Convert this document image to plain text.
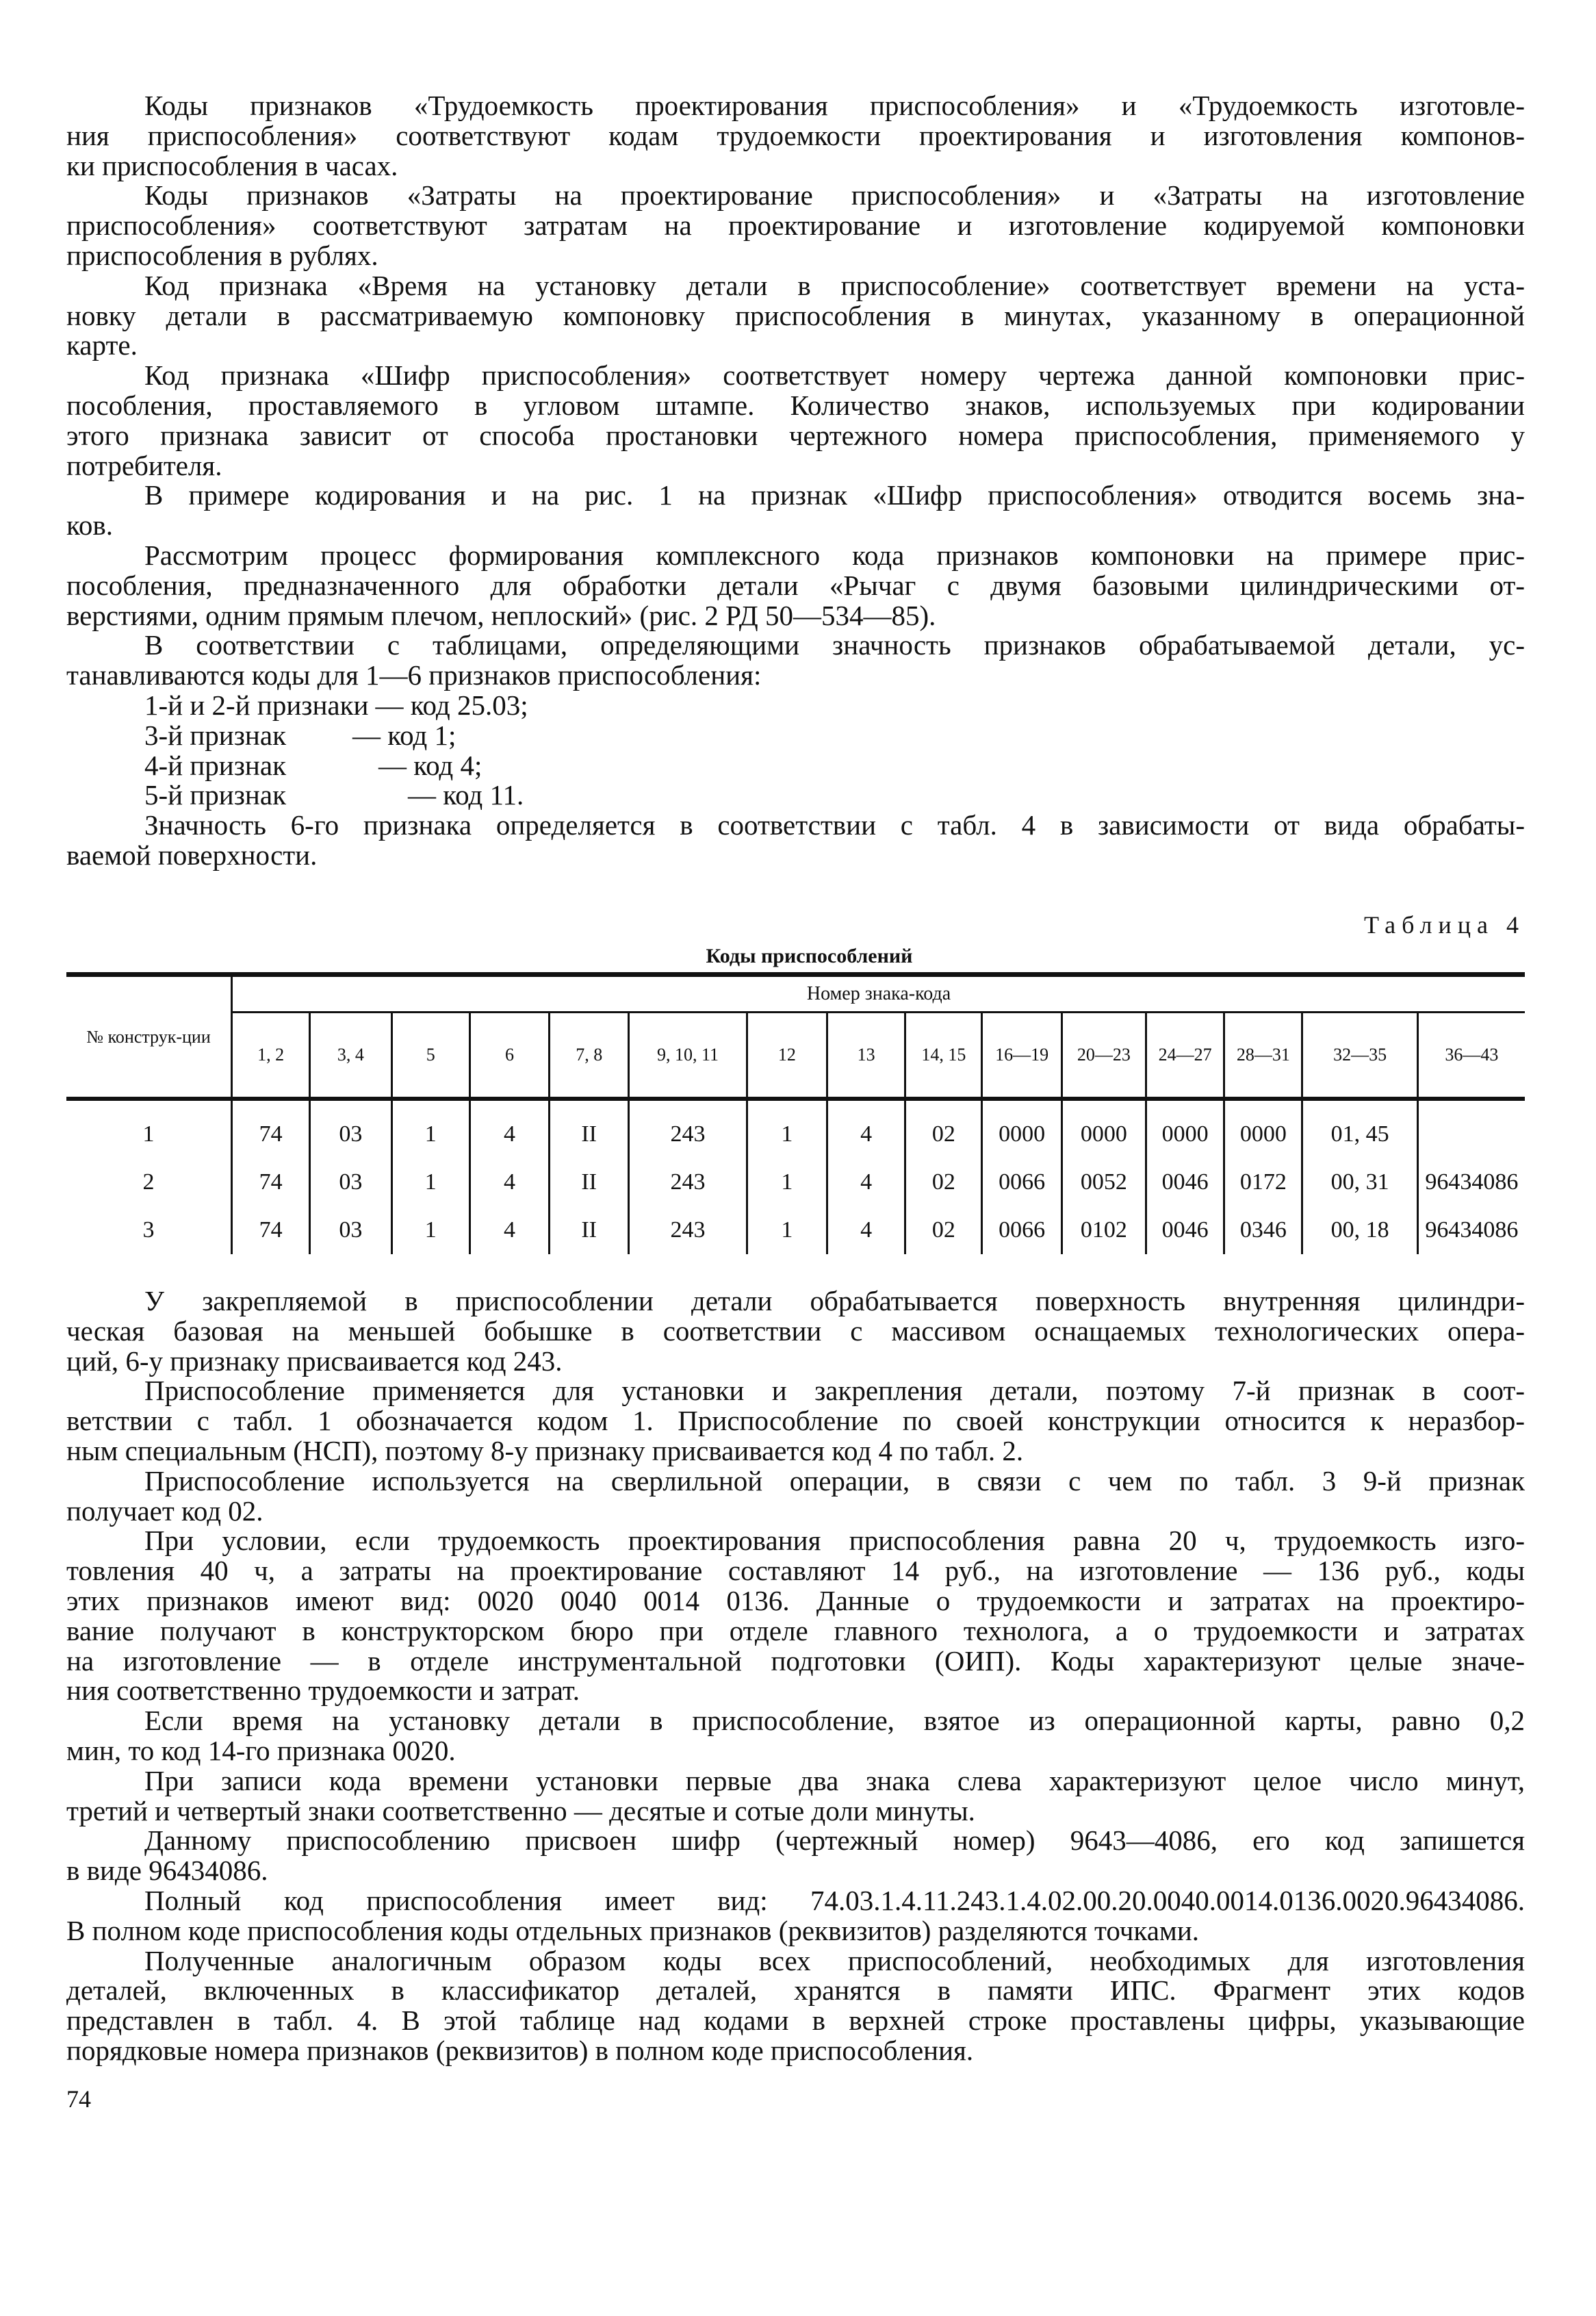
Коды признаков «Трудоемкость проектирования приспособления» и «Трудоемкость изготовле-
ния приспособления» соответствуют кодам трудоемкости проектирования и изготовления компонов-
ки приспособления в часах.
Коды признаков «Затраты на проектирование приспособления» и «Затраты на изготовление
приспособления» соответствуют затратам на проектирование и изготовление кодируемой компоновки
приспособления в рублях.
Код признака «Время на установку детали в приспособление» соответствует времени на уста-
новку детали в рассматриваемую компоновку приспособления в минутах, указанному в операционной
карте.
Код признака «Шифр приспособления» соответствует номеру чертежа данной компоновки прис-
пособления, проставляемого в угловом штампе. Количество знаков, используемых при кодировании
этого признака зависит от способа простановки чертежного номера приспособления, применяемого у
потребителя.
В примере кодирования и на рис. 1 на признак «Шифр приспособления» отводится восемь зна-
ков.
Рассмотрим процесс формирования комплексного кода признаков компоновки на примере прис-
пособления, предназначенного для обработки детали «Рычаг с двумя базовыми цилиндрическими от-
верстиями, одним прямым плечом, неплоский» (рис. 2 РД 50—534—85).
В соответствии с таблицами, определяющими значность признаков обрабатываемой детали, ус-
танавливаются коды для 1—6 признаков приспособления:
1-й и 2-й признаки — код 25.03;
3-й признак — код 1;
4-й признак	— код 4;
5-й признак	— код 11.
Значность 6-го признака определяется в соответствии с табл. 4 в зависимости от вида обрабаты-
ваемой поверхности.
Таблица 4
Коды приспособлений
№ конструк-ции	Номер знака-кода														
	1, 2	3, 4	5	6	7, 8	9, 10, 11	12	13	14, 15	16—19	20—23	24—27	28—31	32—35	36—43
1	74	03	1	4	II	243	1	4	02	0000	0000	0000	0000	01, 45	
2	74	03	1	4	II	243	1	4	02	0066	0052	0046	0172	00, 31	96434086
3	74	03	1	4	II	243	1	4	02	0066	0102	0046	0346	00, 18	96434086
У закрепляемой в приспособлении детали обрабатывается поверхность внутренняя цилиндри-
ческая базовая на меньшей бобышке в соответствии с массивом оснащаемых технологических опера-
ций, 6-у признаку присваивается код 243.
Приспособление применяется для установки и закрепления детали, поэтому 7-й признак в соот-
ветствии с табл. 1 обозначается кодом 1. Приспособление по своей конструкции относится к неразбор-
ным специальным (НСП), поэтому 8-у признаку присваивается код 4 по табл. 2.
Приспособление используется на сверлильной операции, в связи с чем по табл. 3 9-й признак
получает код 02.
При условии, если трудоемкость проектирования приспособления равна 20 ч, трудоемкость изго-
товления 40 ч, а затраты на проектирование составляют 14 руб., на изготовление — 136 руб., коды
этих признаков имеют вид: 0020 0040 0014 0136. Данные о трудоемкости и затратах на проектиро-
вание получают в конструкторском бюро при отделе главного технолога, а о трудоемкости и затратах
на изготовление — в отделе инструментальной подготовки (ОИП). Коды характеризуют целые значе-
ния соответственно трудоемкости и затрат.
Если время на установку детали в приспособление, взятое из операционной карты, равно 0,2
мин, то код 14-го признака 0020.
При записи кода времени установки первые два знака слева характеризуют целое число минут,
третий и четвертый знаки соответственно — десятые и сотые доли минуты.
Данному приспособлению присвоен шифр (чертежный номер) 9643—4086, его код запишется
в виде 96434086.
Полный код приспособления имеет вид: 74.03.1.4.11.243.1.4.02.00.20.0040.0014.0136.0020.96434086.
В полном коде приспособления коды отдельных признаков (реквизитов) разделяются точками.
Полученные аналогичным образом коды всех приспособлений, необходимых для изготовления
деталей, включенных в классификатор деталей, хранятся в памяти ИПС. Фрагмент этих кодов
представлен в табл. 4. В этой таблице над кодами в верхней строке проставлены цифры, указывающие
порядковые номера признаков (реквизитов) в полном коде приспособления.
74
